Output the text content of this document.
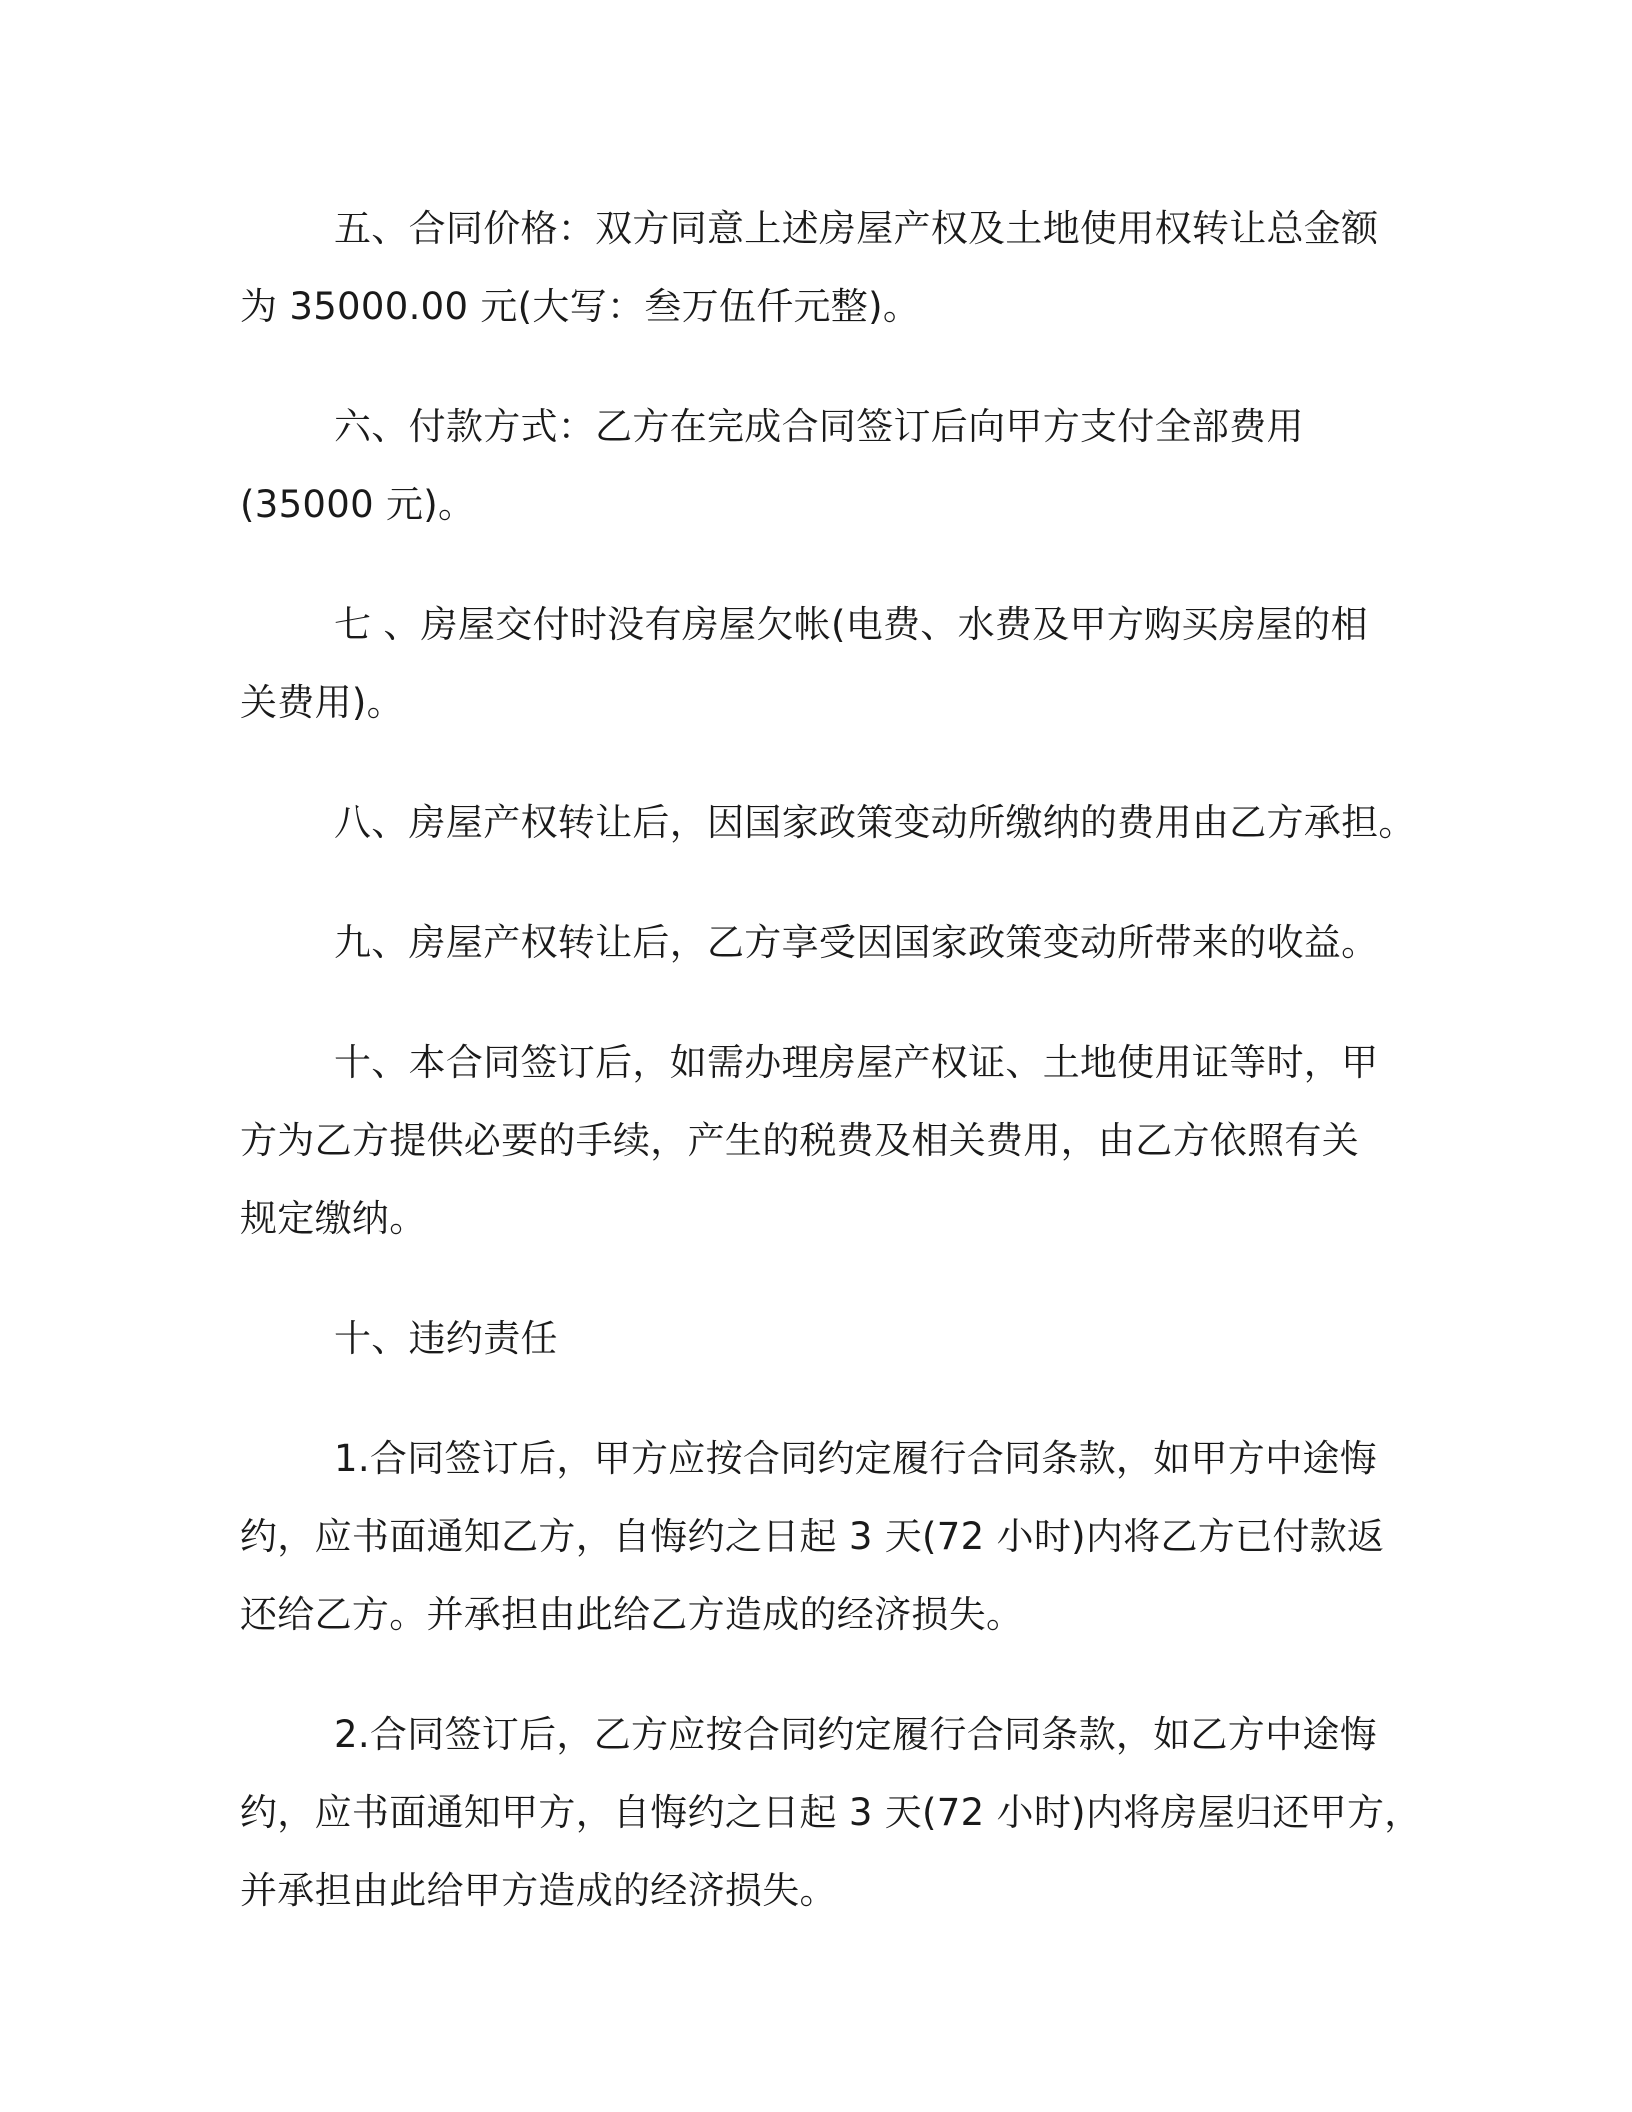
五、合同价格：双方同意上述房屋产权及土地使用权转让总金额
为 35000.00 元(大写：叁万伍仟元整)。

六、付款方式：乙方在完成合同签订后向甲方支付全部费用
(35000 元)。

七 、房屋交付时没有房屋欠帐(电费、水费及甲方购买房屋的相
关费用)。

八、房屋产权转让后，因国家政策变动所缴纳的费用由乙方承担。

九、房屋产权转让后，乙方享受因国家政策变动所带来的收益。

十、本合同签订后，如需办理房屋产权证、土地使用证等时，甲
方为乙方提供必要的手续，产生的税费及相关费用，由乙方依照有关
规定缴纳。

十、违约责任

1.合同签订后，甲方应按合同约定履行合同条款，如甲方中途悔
约，应书面通知乙方，自悔约之日起 3 天(72 小时)内将乙方已付款返
还给乙方。并承担由此给乙方造成的经济损失。

2.合同签订后，乙方应按合同约定履行合同条款，如乙方中途悔
约，应书面通知甲方，自悔约之日起 3 天(72 小时)内将房屋归还甲方，
并承担由此给甲方造成的经济损失。
